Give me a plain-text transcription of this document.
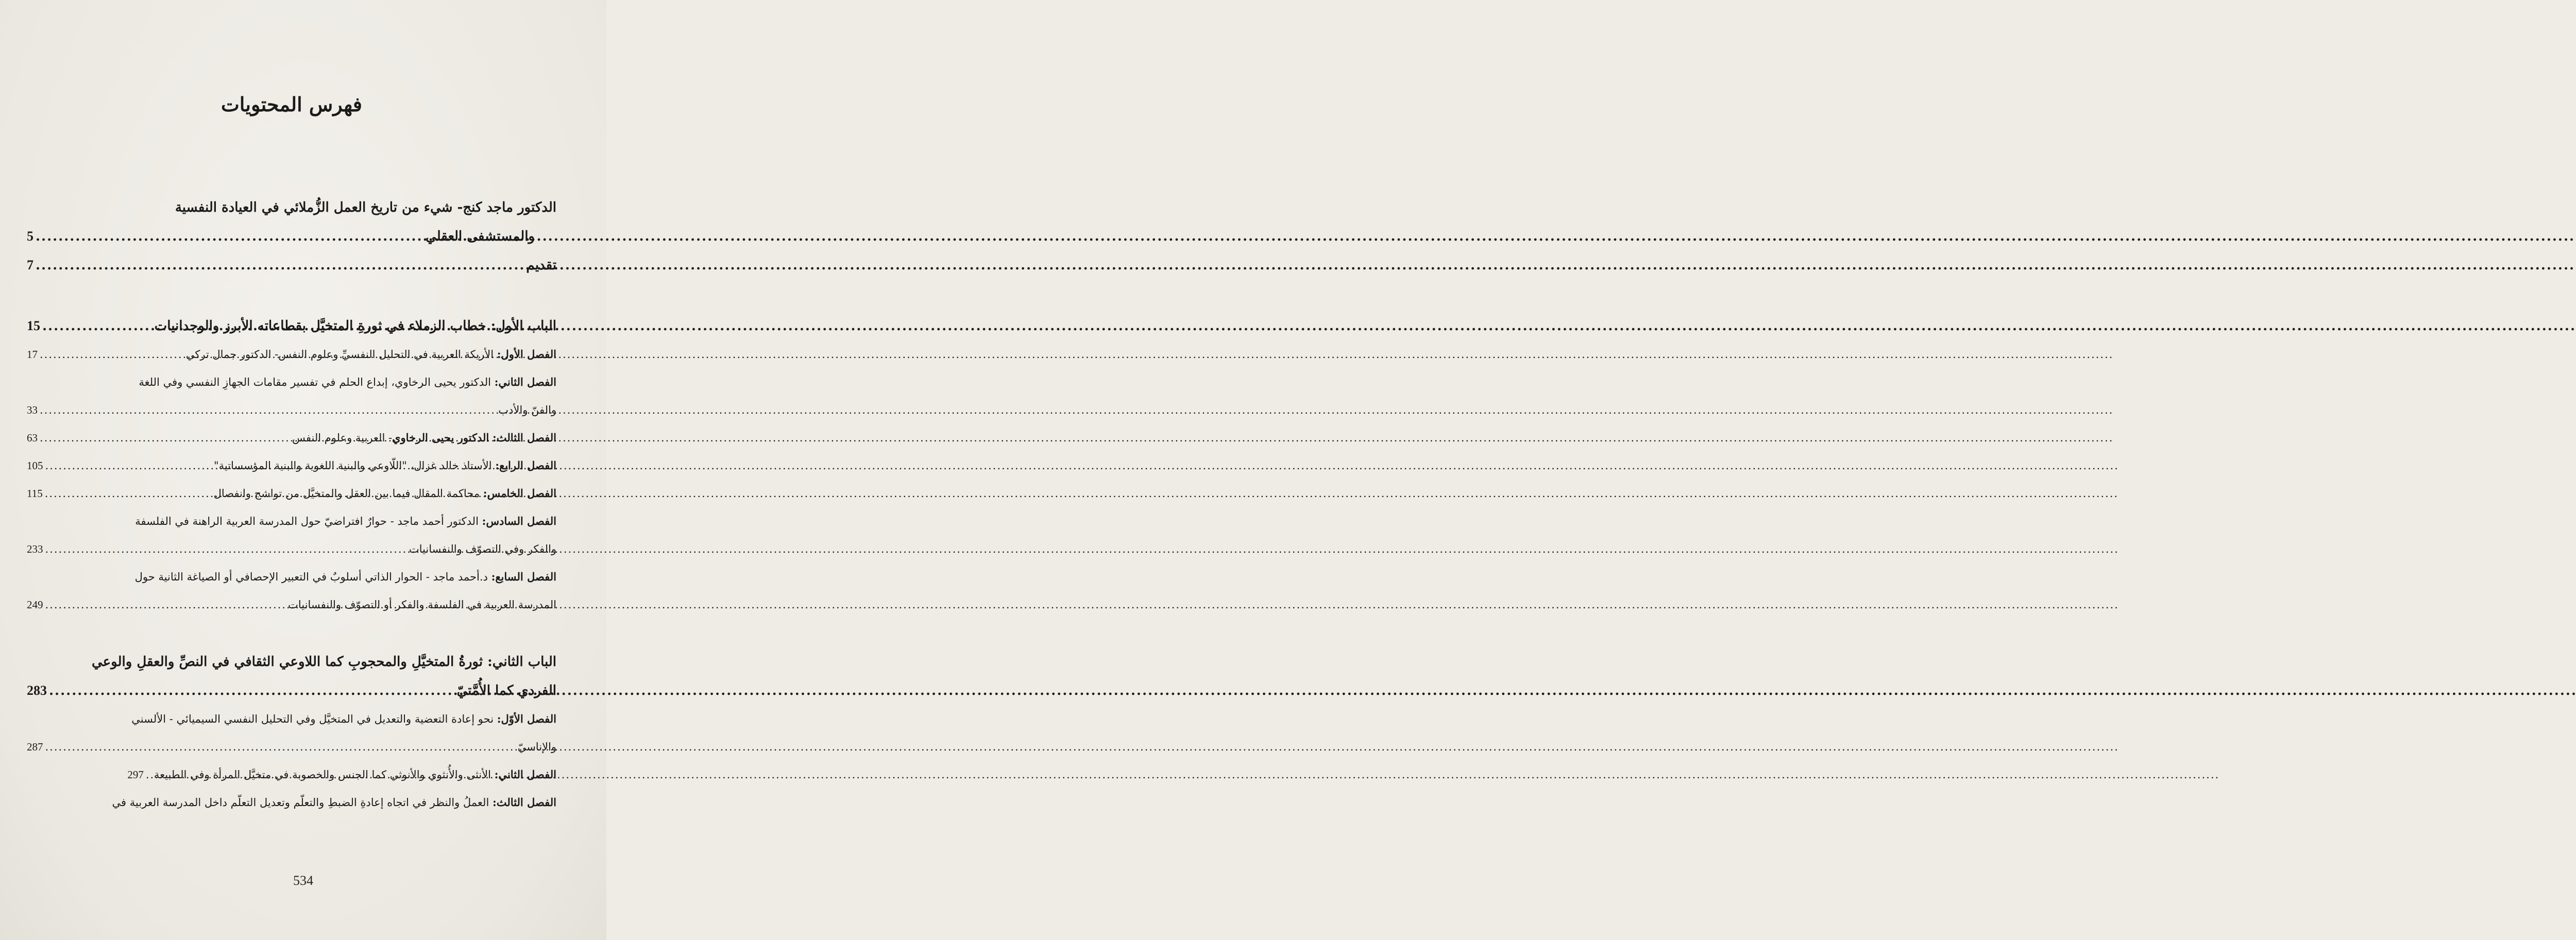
فهرس المحتويات
الدكتور ماجد كنج- شيء من تاريخ العمل الزُّملائي في العيادة النفسية
والمستشفى العقلي
.....
5
تقديم
.....
7
الباب الأول: خطاب الزملاء في ثورةِ المتخيَّل بقطاعاته الأبرز والوجدانيات
.....
15
الفصل الأول: الأريكة العربية في التحليل النفسيِّ وعلوم النفس- الدكتور جمال تركي
.....
17
الفصل الثاني: الدكتور يحيى الرخاوي، إبداع الحلم في تفسير مقامات الجهازِ النفسي وفي اللغة
والفنّ والأدب
.....
33
الفصل الثالث: الدكتور يحيى الرخاوي- العربية وعلوم النفس
.....
63
الفصل الرابع: الأستاذ خالد غزال، "اللّاوعي والبنية اللغوية والبنية المؤسساتية"
.....
105
الفصل الخامس: محاكمة المقال فيما بين العقل والمتخيَّل من تواشج وانفصال
.....
115
الفصل السادس: الدكتور أحمد ماجد - حوارٌ افتراضيّ حول المدرسة العربية الراهنة في الفلسفة
والفكر وفي التصوّف والنفسانيات
.....
233
الفصل السابع: د.أحمد ماجد - الحوار الذاتي أسلوبٌ في التعبير الإحصافي أو الصياغة الثانية حول
المدرسة العربية في الفلسفة والفكر أو التصوّف والنفسانيات
.....
249
الباب الثاني: ثورةُ المتخيَّلِ والمحجوبِ كما اللاوعي الثقافي في النصِّ والعقلِ والوعي
الفردي كما الأُمَّتيّ
.....
283
الفصل الأوّل: نحو إعادة التعضية والتعديل في المتخيَّل وفي التحليل النفسي السيميائي - الألسني
والإناسيّ
.....
287
الفصل الثاني: الأنثى والأُنثوي والأنوثي كما الجنس والخصوبة في متخيَّل المرأة وفي الطبيعة
.....
297
الفصل الثالث: العملُ والنظر في اتجاه إعادةِ الضبطِ والتعلّم وتعديل التعلّم داخل المدرسة العربية في
534
